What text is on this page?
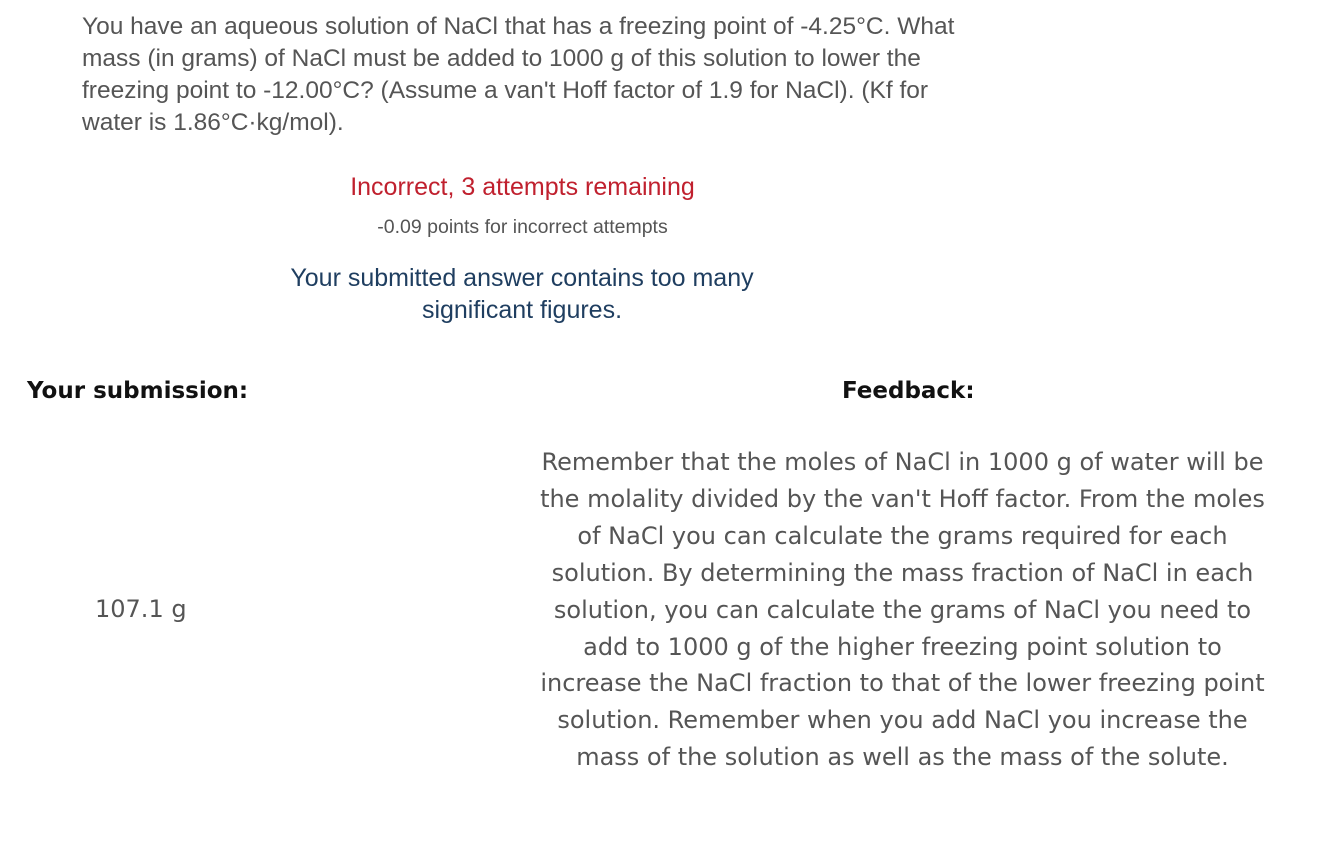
You have an aqueous solution of NaCl that has a freezing point of -4.25°C. What mass (in grams) of NaCl must be added to 1000 g of this solution to lower the freezing point to -12.00°C? (Assume a van't Hoff factor of 1.9 for NaCl). (Kf for water is 1.86°C·kg/mol).

Incorrect, 3 attempts remaining
-0.09 points for incorrect attempts
Your submitted answer contains too many significant figures.
Your submission:	Feedback:
107.1 g

Remember that the moles of NaCl in 1000 g of water will be the molality divided by the van't Hoff factor. From the moles of NaCl you can calculate the grams required for each solution. By determining the mass fraction of NaCl in each solution, you can calculate the grams of NaCl you need to add to 1000 g of the higher freezing point solution to increase the NaCl fraction to that of the lower freezing point solution. Remember when you add NaCl you increase the mass of the solution as well as the mass of the solute.
